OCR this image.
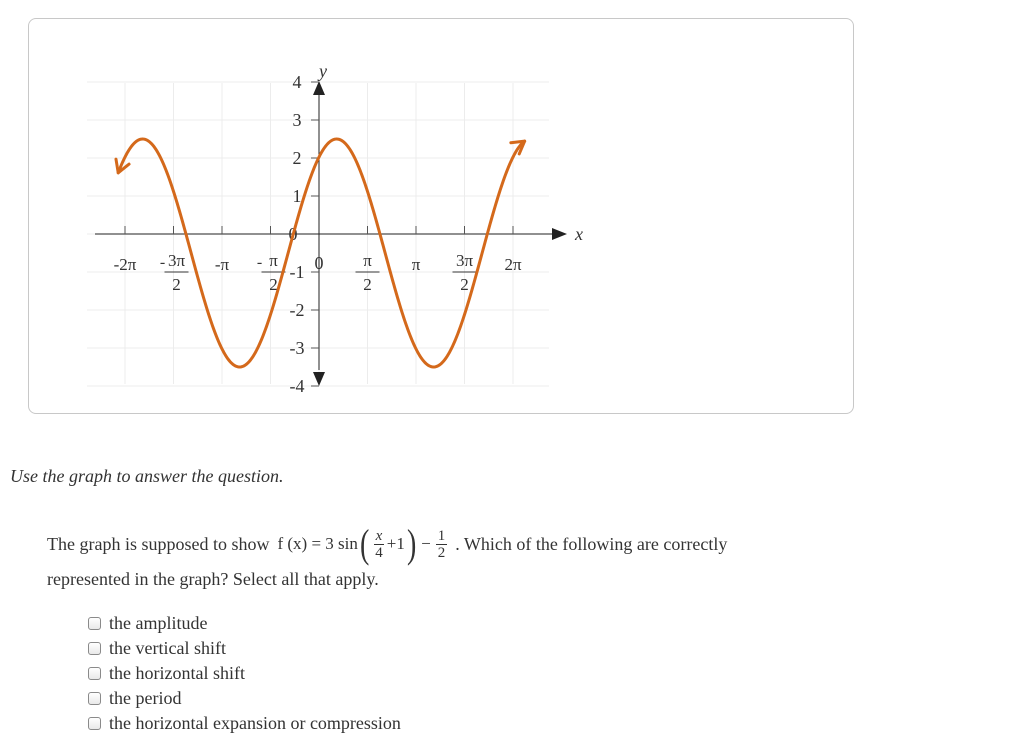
x
y
-2π - 3π
2
-π - π
2
0 π
2
π 3π
2
2π
4
3
2
1
0
-1
-2
-3
-4
Use the graph to answer the question.
The graph is supposed to show f (x) = 3 sin ( $\frac{x}{4} +1$ ) − $\frac{1}{2}$ . Which of the following are correctly
represented in the graph? Select all that apply.
the amplitude
the vertical shift
the horizontal shift
the period
the horizontal expansion or compression
